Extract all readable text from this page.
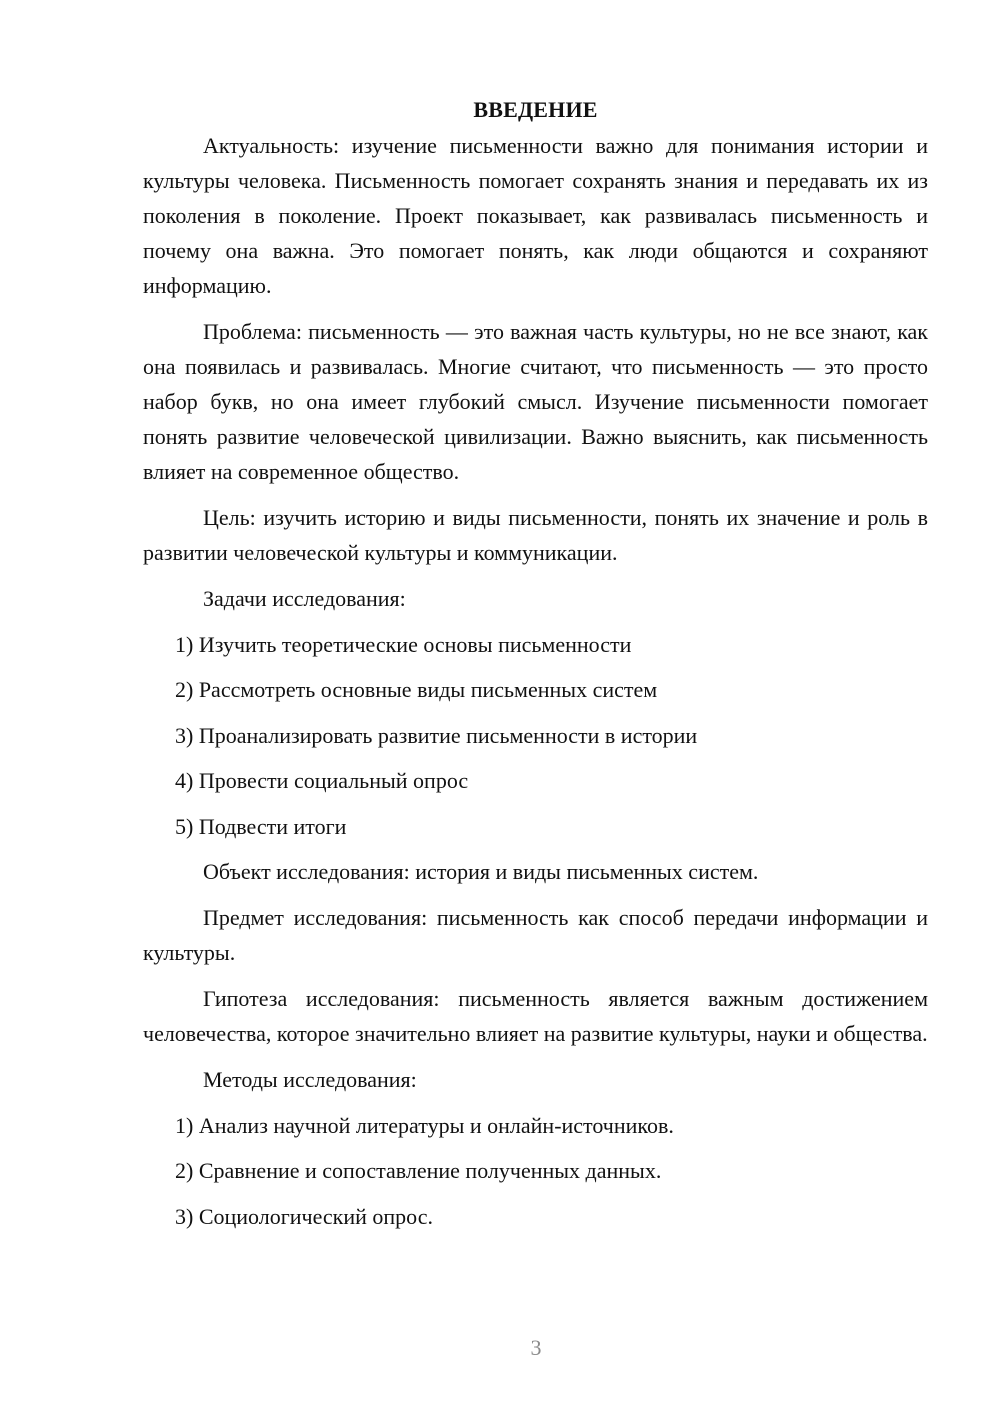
ВВЕДЕНИЕ

Актуальность: изучение письменности важно для понимания истории и культуры человека. Письменность помогает сохранять знания и передавать их из поколения в поколение. Проект показывает, как развивалась письменность и почему она важна. Это помогает понять, как люди общаются и сохраняют информацию.

Проблема: письменность — это важная часть культуры, но не все знают, как она появилась и развивалась. Многие считают, что письменность — это просто набор букв, но она имеет глубокий смысл. Изучение письменности помогает понять развитие человеческой цивилизации. Важно выяснить, как письменность влияет на современное общество.

Цель: изучить историю и виды письменности, понять их значение и роль в развитии человеческой культуры и коммуникации.

Задачи исследования:

1) Изучить теоретические основы письменности
2) Рассмотреть основные виды письменных систем
3) Проанализировать развитие письменности в истории
4) Провести социальный опрос
5) Подвести итоги

Объект исследования: история и виды письменных систем.

Предмет исследования: письменность как способ передачи информации и культуры.

Гипотеза исследования: письменность является важным достижением человечества, которое значительно влияет на развитие культуры, науки и общества.

Методы исследования:

1) Анализ научной литературы и онлайн-источников.
2) Сравнение и сопоставление полученных данных.
3) Социологический опрос.
3
